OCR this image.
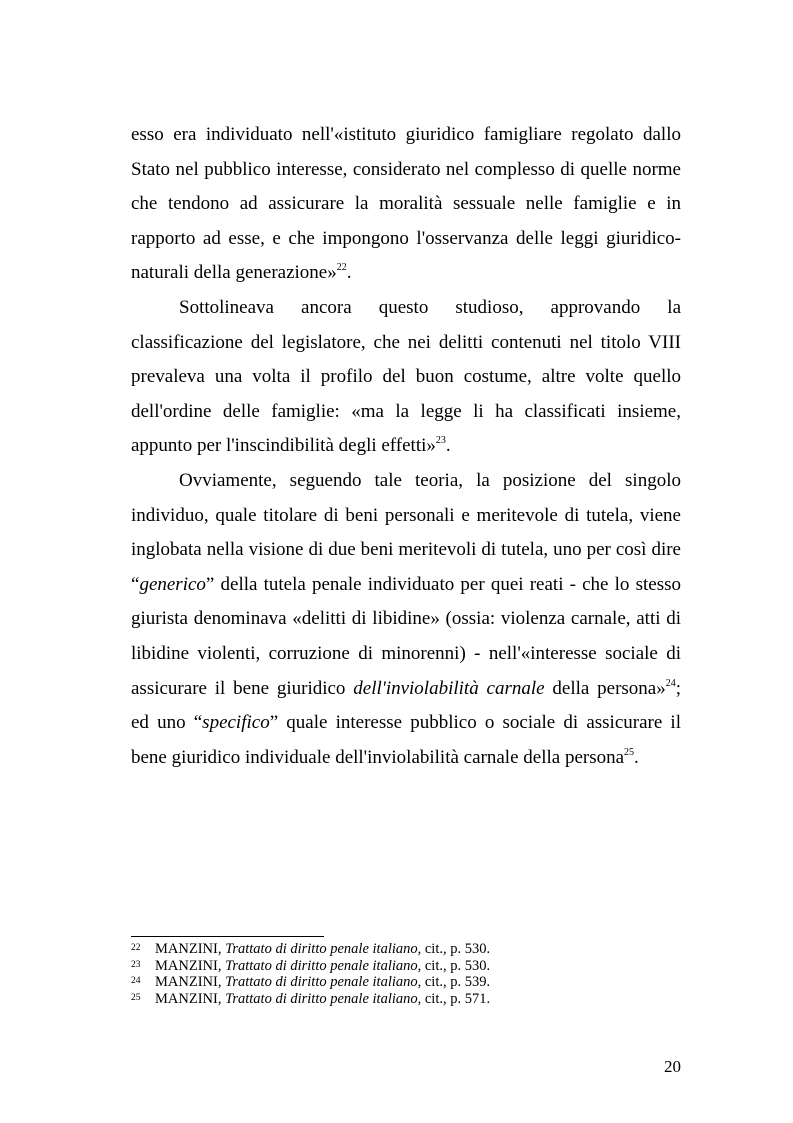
esso era individuato nell'«istituto giuridico famigliare regolato dallo Stato nel pubblico interesse, considerato nel complesso di quelle norme che tendono ad assicurare la moralità sessuale nelle famiglie e in rapporto ad esse, e che impongono l'osservanza delle leggi giuridico-naturali della generazione»$^{22}$.

Sottolineava ancora questo studioso, approvando la classificazione del legislatore, che nei delitti contenuti nel titolo VIII prevaleva una volta il profilo del buon costume, altre volte quello dell'ordine delle famiglie: «ma la legge li ha classificati insieme, appunto per l'inscindibilità degli effetti»$^{23}$.

Ovviamente, seguendo tale teoria, la posizione del singolo individuo, quale titolare di beni personali e meritevole di tutela, viene inglobata nella visione di due beni meritevoli di tutela, uno per così dire “generico” della tutela penale individuato per quei reati - che lo stesso giurista denominava «delitti di libidine» (ossia: violenza carnale, atti di libidine violenti, corruzione di minorenni) - nell'«interesse sociale di assicurare il bene giuridico dell'inviolabilità carnale della persona»$^{24}$; ed uno “specifico” quale interesse pubblico o sociale di assicurare il bene giuridico individuale dell'inviolabilità carnale della persona$^{25}$.

22 MANZINI, Trattato di diritto penale italiano, cit., p. 530.

23 MANZINI, Trattato di diritto penale italiano, cit., p. 530.

24 MANZINI, Trattato di diritto penale italiano, cit., p. 539.

25 MANZINI, Trattato di diritto penale italiano, cit., p. 571.

20
